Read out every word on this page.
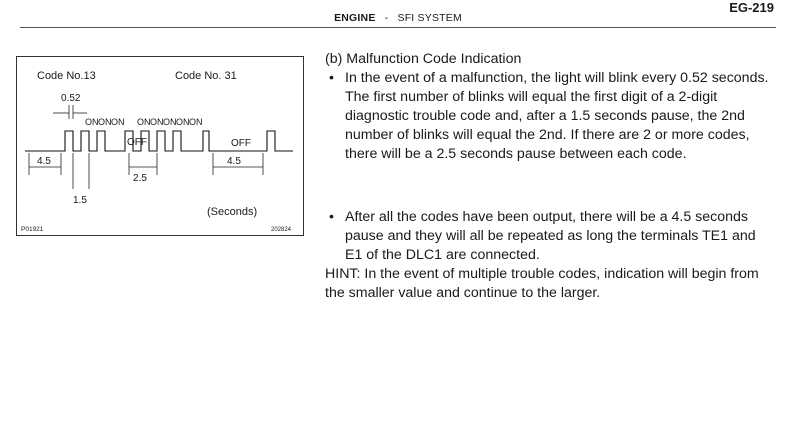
ENGINE - SFI SYSTEM
EG-219
Code No.13	Code No. 31
0.52
ON ON ON ON ON ON ON ON
OFF	OFF
4.5
1.5
2.5
4.5
(Seconds)
P01921	202824

(b) Malfunction Code Indication

• In the event of a malfunction, the light will blink every 0.52 seconds. The first number of blinks will equal the first digit of a 2-digit diagnostic trouble code and, after a 1.5 seconds pause, the 2nd number of blinks will equal the 2nd. If there are 2 or more codes, there will be a 2.5 seconds pause between each code.

• After all the codes have been output, there will be a 4.5 seconds pause and they will all be repeated as long the terminals TE1 and E1 of the DLC1 are connected.

HINT: In the event of multiple trouble codes, indication will begin from the smaller value and continue to the larger.
